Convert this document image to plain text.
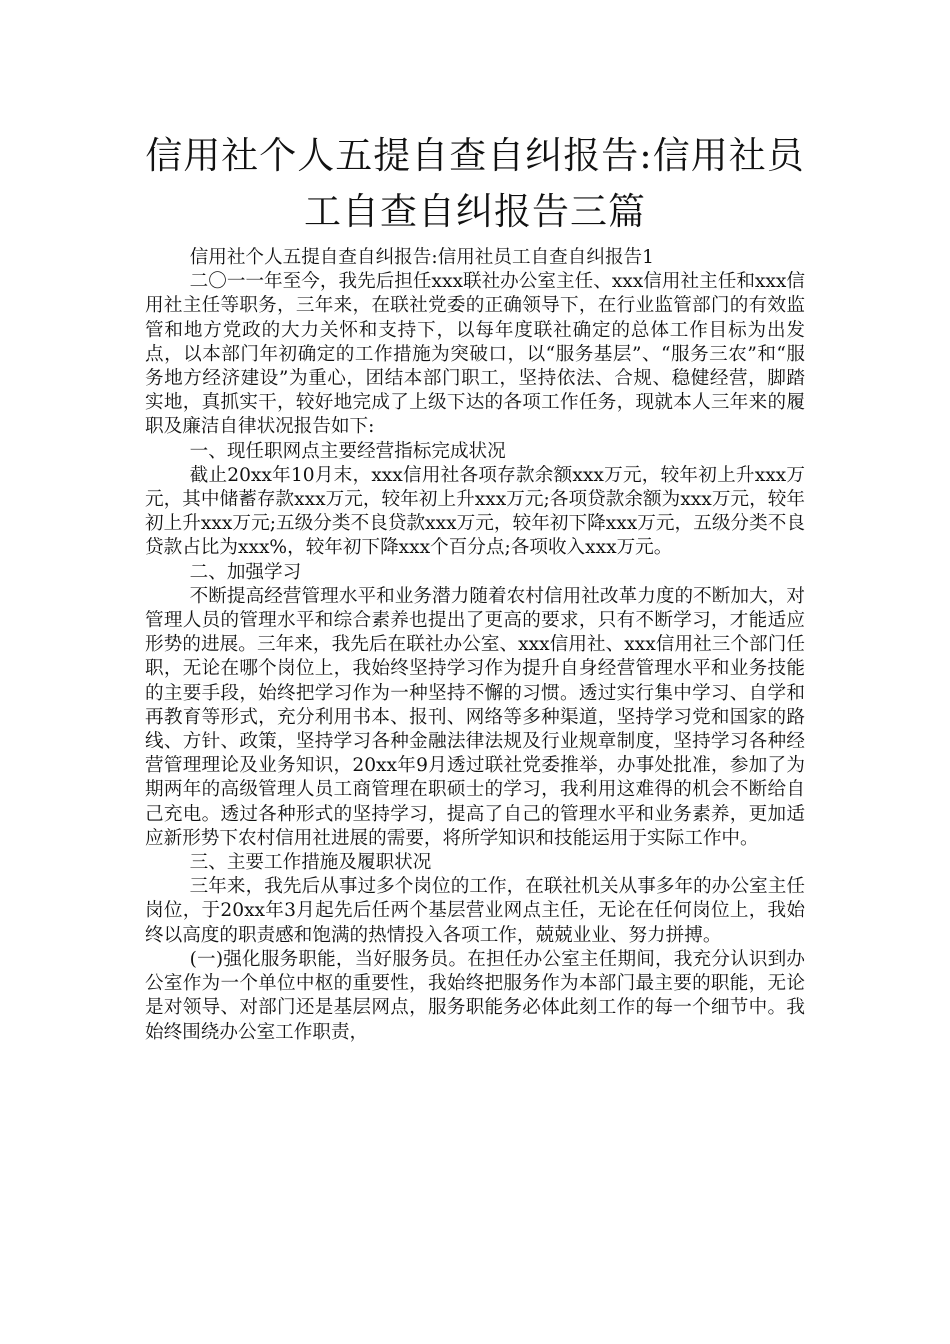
信用社个人五提自查自纠报告:信用社员工自查自纠报告三篇

信用社个人五提自查自纠报告:信用社员工自查自纠报告1

二〇一一年至今，我先后担任xxx联社办公室主任、xxx信用社主任和xxx信用社主任等职务，三年来，在联社党委的正确领导下，在行业监管部门的有效监管和地方党政的大力关怀和支持下，以每年度联社确定的总体工作目标为出发点，以本部门年初确定的工作措施为突破口，以“服务基层”、“服务三农”和“服务地方经济建设”为重心，团结本部门职工，坚持依法、合规、稳健经营，脚踏实地，真抓实干，较好地完成了上级下达的各项工作任务，现就本人三年来的履职及廉洁自律状况报告如下:

一、现任职网点主要经营指标完成状况

截止20xx年10月末，xxx信用社各项存款余额xxx万元，较年初上升xxx万元，其中储蓄存款xxx万元，较年初上升xxx万元;各项贷款余额为xxx万元，较年初上升xxx万元;五级分类不良贷款xxx万元，较年初下降xxx万元，五级分类不良贷款占比为xxx%，较年初下降xxx个百分点;各项收入xxx万元。

二、加强学习

不断提高经营管理水平和业务潜力随着农村信用社改革力度的不断加大，对管理人员的管理水平和综合素养也提出了更高的要求，只有不断学习，才能适应形势的进展。三年来，我先后在联社办公室、xxx信用社、xxx信用社三个部门任职，无论在哪个岗位上，我始终坚持学习作为提升自身经营管理水平和业务技能的主要手段，始终把学习作为一种坚持不懈的习惯。透过实行集中学习、自学和再教育等形式，充分利用书本、报刊、网络等多种渠道，坚持学习党和国家的路线、方针、政策，坚持学习各种金融法律法规及行业规章制度，坚持学习各种经营管理理论及业务知识，20xx年9月透过联社党委推举，办事处批准，参加了为期两年的高级管理人员工商管理在职硕士的学习，我利用这难得的机会不断给自己充电。透过各种形式的坚持学习，提高了自己的管理水平和业务素养，更加适应新形势下农村信用社进展的需要，将所学知识和技能运用于实际工作中。

三、主要工作措施及履职状况

三年来，我先后从事过多个岗位的工作，在联社机关从事多年的办公室主任岗位，于20xx年3月起先后任两个基层营业网点主任，无论在任何岗位上，我始终以高度的职责感和饱满的热情投入各项工作，兢兢业业、努力拼搏。

(一)强化服务职能，当好服务员。在担任办公室主任期间，我充分认识到办公室作为一个单位中枢的重要性，我始终把服务作为本部门最主要的职能，无论是对领导、对部门还是基层网点，服务职能务必体此刻工作的每一个细节中。我始终围绕办公室工作职责，
